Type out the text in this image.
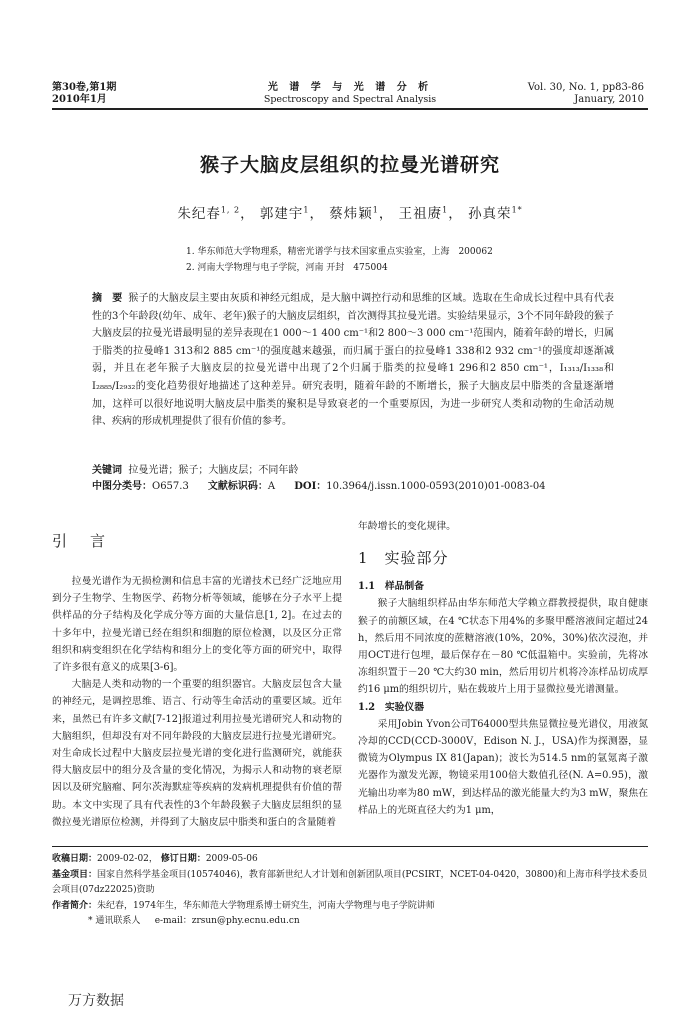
第30卷,第1期
2010年1月
光 谱 学 与 光 谱 分 析
Spectroscopy and Spectral Analysis
Vol. 30, No. 1, pp83-86
January, 2010
猴子大脑皮层组织的拉曼光谱研究
朱纪春$^{1, 2}$， 郭建宇$^1$， 蔡炜颖$^1$， 王祖赓$^1$， 孙真荣$^{1*}$
1. 华东师范大学物理系，精密光谱学与技术国家重点实验室，上海　200062
2. 河南大学物理与电子学院，河南 开封　475004
摘　要 猴子的大脑皮层主要由灰质和神经元组成，是大脑中调控行动和思维的区域。选取在生命成长过程中具有代表性的3个年龄段(幼年、成年、老年)猴子的大脑皮层组织，首次测得其拉曼光谱。实验结果显示，3个不同年龄段的猴子大脑皮层的拉曼光谱最明显的差异表现在1 000～1 400 cm⁻¹和2 800～3 000 cm⁻¹范围内，随着年龄的增长，归属于脂类的拉曼峰1 313和2 885 cm⁻¹的强度越来越强，而归属于蛋白的拉曼峰1 338和2 932 cm⁻¹的强度却逐渐减弱，并且在老年猴子大脑皮层的拉曼光谱中出现了2个归属于脂类的拉曼峰1 296和2 850 cm⁻¹，I₁₃₁₃/I₁₃₃₈和I₂₈₈₅/I₂₉₃₂的变化趋势很好地描述了这种差异。研究表明，随着年龄的不断增长，猴子大脑皮层中脂类的含量逐渐增加，这样可以很好地说明大脑皮层中脂类的聚积是导致衰老的一个重要原因，为进一步研究人类和动物的生命活动规律、疾病的形成机理提供了很有价值的参考。
关键词 拉曼光谱；猴子；大脑皮层；不同年龄
中图分类号：O657.3 文献标识码：A DOI：10.3964/j.issn.1000-0593(2010)01-0083-04
引　言

拉曼光谱作为无损检测和信息丰富的光谱技术已经广泛地应用到分子生物学、生物医学、药物分析等领域，能够在分子水平上提供样品的分子结构及化学成分等方面的大量信息[1, 2]。在过去的十多年中，拉曼光谱已经在组织和细胞的原位检测，以及区分正常组织和病变组织在化学结构和组分上的变化等方面的研究中，取得了许多很有意义的成果[3-6]。

大脑是人类和动物的一个重要的组织器官。大脑皮层包含大量的神经元，是调控思维、语言、行动等生命活动的重要区域。近年来，虽然已有许多文献[7-12]报道过利用拉曼光谱研究人和动物的大脑组织，但却没有对不同年龄段的大脑皮层进行拉曼光谱研究。对生命成长过程中大脑皮层拉曼光谱的变化进行监测研究，就能获得大脑皮层中的组分及含量的变化情况，为揭示人和动物的衰老原因以及研究脑瘤、阿尔茨海默症等疾病的发病机理提供有价值的帮助。本文中实现了具有代表性的3个年龄段猴子大脑皮层组织的显微拉曼光谱原位检测，并得到了大脑皮层中脂类和蛋白的含量随着

年龄增长的变化规律。
1　实验部分
1.1　样品制备

猴子大脑组织样品由华东师范大学赖立群教授提供，取自健康猴子的前额区域，在4 ℃状态下用4%的多聚甲醛溶液间定超过24 h，然后用不同浓度的蔗糖溶液(10%，20%，30%)依次浸泡，并用OCT进行包埋，最后保存在－80 ℃低温箱中。实验前，先将冰冻组织置于－20 ℃大约30 min，然后用切片机将冷冻样品切成厚约16 μm的组织切片，贴在载玻片上用于显微拉曼光谱测量。

1.2　实验仪器

采用Jobin Yvon公司T64000型共焦显微拉曼光谱仪，用液氮冷却的CCD(CCD-3000V，Edison N. J.，USA)作为探测器，显微镜为Olympus IX 81(Japan)；波长为514.5 nm的氩氪离子激光器作为激发光源，物镜采用100倍大数值孔径(N. A=0.95)，激光输出功率为80 mW，到达样品的激光能量大约为3 mW，聚焦在样品上的光斑直径大约为1 μm，

收稿日期：2009-02-02， 修订日期：2009-05-06
基金项目：国家自然科学基金项目(10574046)，教育部新世纪人才计划和创新团队项目(PCSIRT，NCET-04-0420，30800)和上海市科学技术委员会项目(07dz22025)资助
作者简介：朱纪春，1974年生，华东师范大学物理系博士研究生，河南大学物理与电子学院讲师
* 通讯联系人 e-mail：zrsun@phy.ecnu.edu.cn
万方数据
